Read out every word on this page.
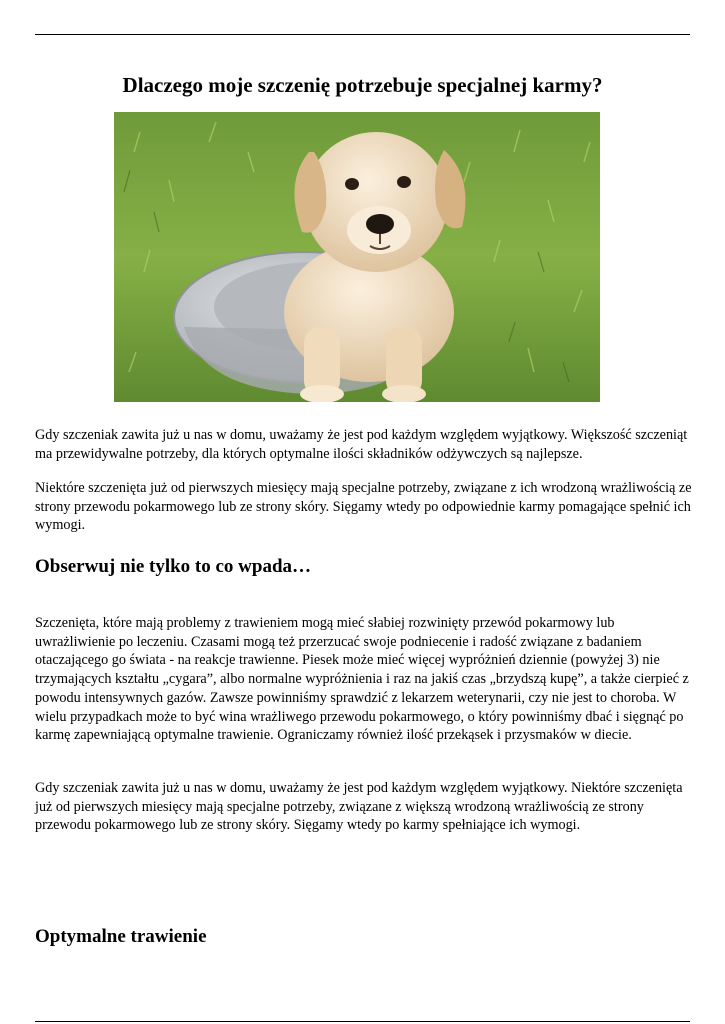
Dlaczego moje szczenię potrzebuje specjalnej karmy?

Gdy szczeniak zawita już u nas w domu, uważamy że jest pod każdym względem wyjątkowy. Większość szczeniąt ma przewidywalne potrzeby, dla których optymalne ilości składników odżywczych są najlepsze.

Niektóre szczenięta już od pierwszych miesięcy mają specjalne potrzeby, związane z ich wrodzoną wrażliwością ze strony przewodu pokarmowego lub ze strony skóry. Sięgamy wtedy po odpowiednie karmy pomagające spełnić ich wymogi.

Obserwuj nie tylko to co wpada…

Szczenięta, które mają problemy z trawieniem mogą mieć słabiej rozwinięty przewód pokarmowy lub uwrażliwienie po leczeniu. Czasami mogą też przerzucać swoje podniecenie i radość związane z badaniem otaczającego go świata - na reakcje trawienne. Piesek może mieć więcej wypróżnień dziennie (powyżej 3) nie trzymających kształtu „cygara”, albo normalne wypróżnienia i raz na jakiś czas „brzydszą kupę”, a także cierpieć z powodu intensywnych gazów. Zawsze powinniśmy sprawdzić z lekarzem weterynarii, czy nie jest to choroba. W wielu przypadkach może to być wina wrażliwego przewodu pokarmowego, o który powinniśmy dbać i sięgnąć po karmę zapewniającą optymalne trawienie. Ograniczamy również ilość przekąsek i przysmaków w diecie.

Gdy szczeniak zawita już u nas w domu, uważamy że jest pod każdym względem wyjątkowy. Niektóre szczenięta już od pierwszych miesięcy mają specjalne potrzeby, związane z większą wrodzoną wrażliwością ze strony przewodu pokarmowego lub ze strony skóry. Sięgamy wtedy po karmy spełniające ich wymogi.

Optymalne trawienie
